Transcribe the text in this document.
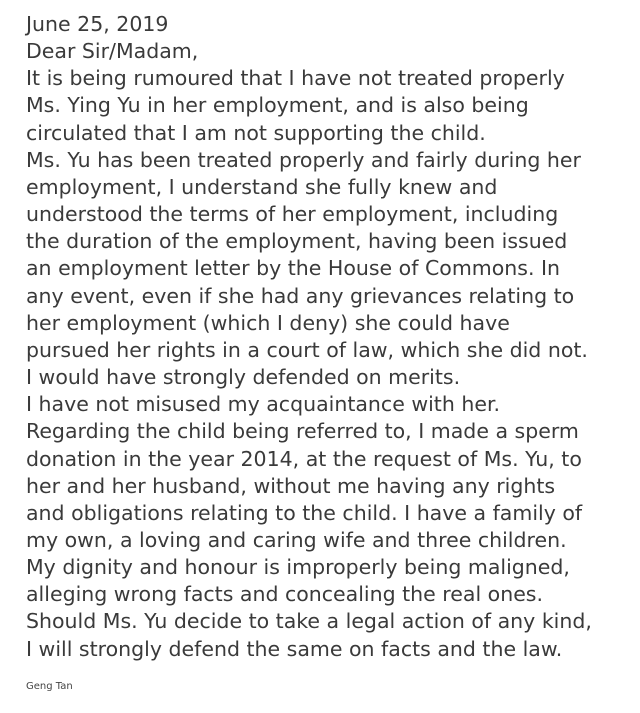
June 25, 2019
Dear Sir/Madam,
It is being rumoured that I have not treated properly
Ms. Ying Yu in her employment, and is also being
circulated that I am not supporting the child.
Ms. Yu has been treated properly and fairly during her
employment, I understand she fully knew and
understood the terms of her employment, including
the duration of the employment, having been issued
an employment letter by the House of Commons. In
any event, even if she had any grievances relating to
her employment (which I deny) she could have
pursued her rights in a court of law, which she did not.
I would have strongly defended on merits.
I have not misused my acquaintance with her.
Regarding the child being referred to, I made a sperm
donation in the year 2014, at the request of Ms. Yu, to
her and her husband, without me having any rights
and obligations relating to the child. I have a family of
my own, a loving and caring wife and three children.
My dignity and honour is improperly being maligned,
alleging wrong facts and concealing the real ones.
Should Ms. Yu decide to take a legal action of any kind,
I will strongly defend the same on facts and the law.
Geng Tan
